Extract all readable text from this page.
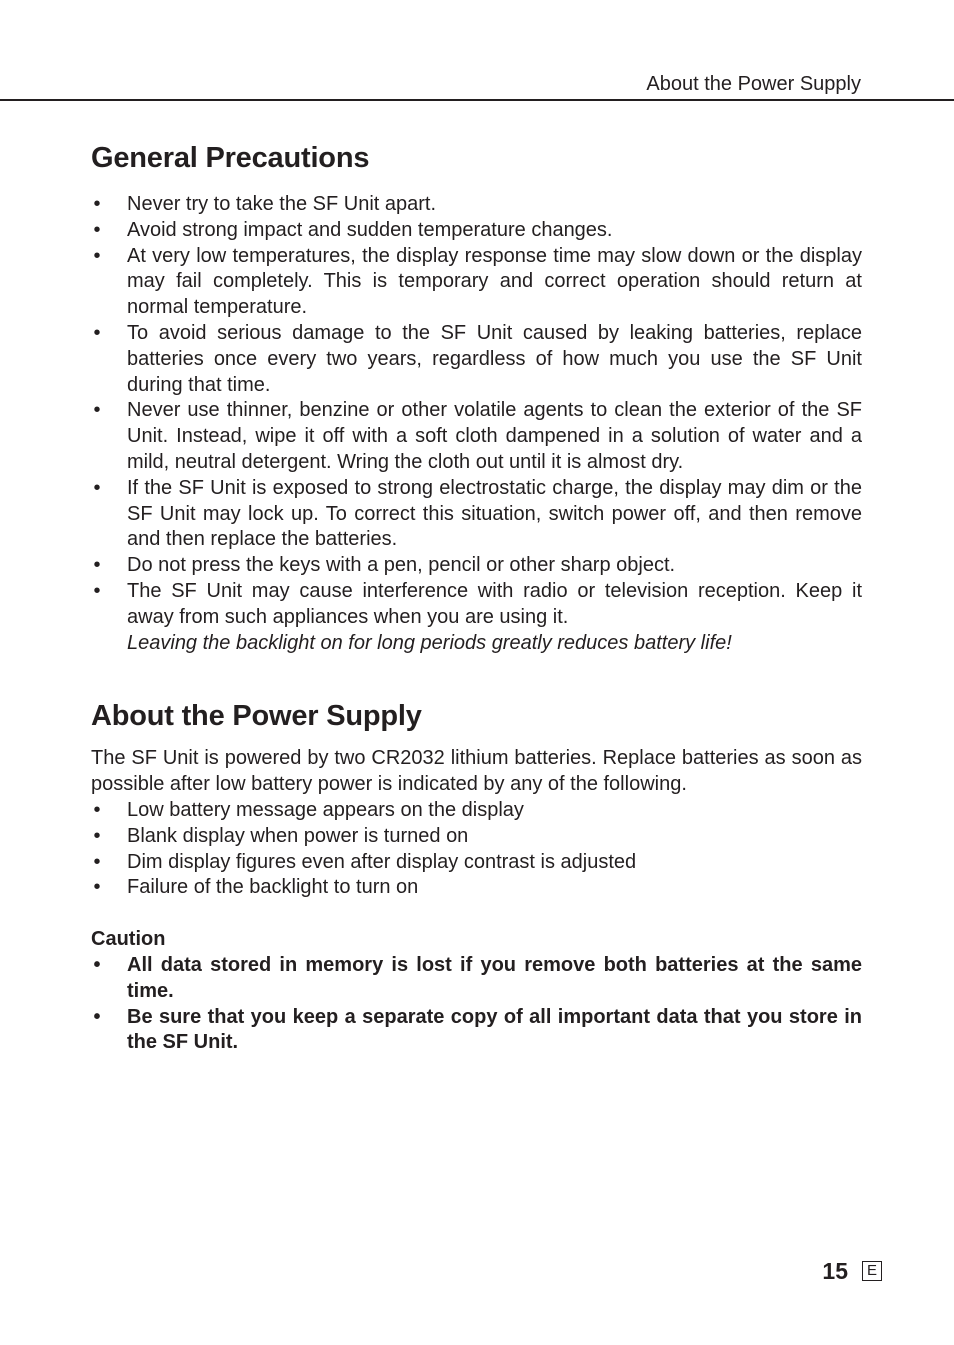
About the Power Supply
General Precautions
• Never try to take the SF Unit apart.
• Avoid strong impact and sudden temperature changes.
• At very low temperatures, the display response time may slow down or the display may fail completely. This is temporary and correct operation should return at normal temperature.
• To avoid serious damage to the SF Unit caused by leaking batteries, replace batteries once every two years, regardless of how much you use the SF Unit during that time.
• Never use thinner, benzine or other volatile agents to clean the exterior of the SF Unit. Instead, wipe it off with a soft cloth dampened in a solution of water and a mild, neutral detergent. Wring the cloth out until it is almost dry.
• If the SF Unit is exposed to strong electrostatic charge, the display may dim or the SF Unit may lock up. To correct this situation, switch power off, and then remove and then replace the batteries.
• Do not press the keys with a pen, pencil or other sharp object.
• The SF Unit may cause interference with radio or television reception. Keep it away from such appliances when you are using it.

Leaving the backlight on for long periods greatly reduces battery life!

About the Power Supply

The SF Unit is powered by two CR2032 lithium batteries. Replace batteries as soon as possible after low battery power is indicated by any of the following.

• Low battery message appears on the display
• Blank display when power is turned on
• Dim display figures even after display contrast is adjusted
• Failure of the backlight to turn on

Caution

• All data stored in memory is lost if you remove both batteries at the same time.
• Be sure that you keep a separate copy of all important data that you store in the SF Unit.
15	E
